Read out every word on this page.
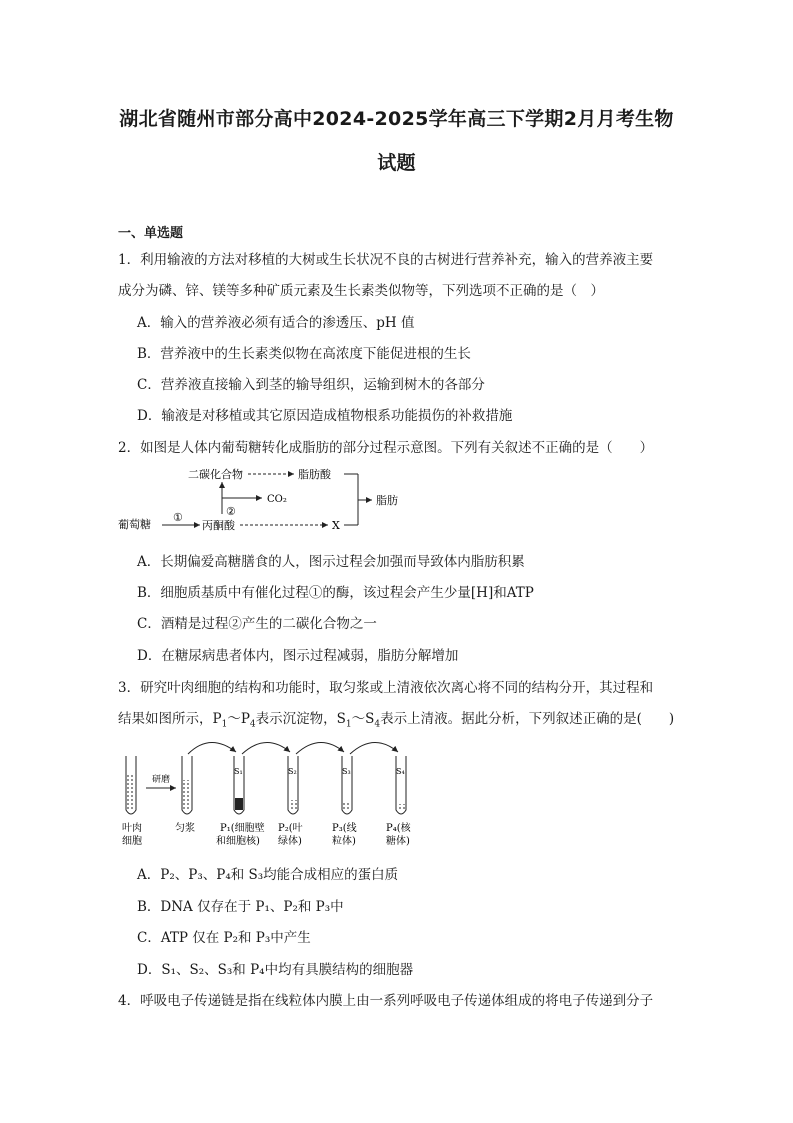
湖北省随州市部分高中2024-2025学年高三下学期2月月考生物
试题
一、单选题
1．利用输液的方法对移植的大树或生长状况不良的古树进行营养补充，输入的营养液主要
成分为磷、锌、镁等多种矿质元素及生长素类似物等，下列选项不正确的是（　）
A．输入的营养液必须有适合的渗透压、pH 值
B．营养液中的生长素类似物在高浓度下能促进根的生长
C．营养液直接输入到茎的输导组织，运输到树木的各部分
D．输液是对移植或其它原因造成植物根系功能损伤的补救措施
2．如图是人体内葡萄糖转化成脂肪的部分过程示意图。下列有关叙述不正确的是（　　）
二碳化合物	脂肪酸
脂肪
CO₂
②
葡萄糖
①
丙酮酸	X
A．长期偏爱高糖膳食的人，图示过程会加强而导致体内脂肪积累
B．细胞质基质中有催化过程①的酶，该过程会产生少量[H]和ATP
C．酒精是过程②产生的二碳化合物之一
D．在糖尿病患者体内，图示过程减弱，脂肪分解增加
3．研究叶肉细胞的结构和功能时，取匀浆或上清液依次离心将不同的结构分开，其过程和
结果如图所示，$P_1\sim P_4$表示沉淀物，$S_1\sim S_4$表示上清液。据此分析，下列叙述正确的是(　　)
叶肉
细胞
研磨
匀浆
S₁
P₁(细胞壁
和细胞核)
S₂
P₂(叶
绿体)
S₃
P₃(线
粒体)
S₄
P₄(核
糖体)
A．P₂、P₃、P₄和 S₃均能合成相应的蛋白质
B．DNA 仅存在于 P₁、P₂和 P₃中
C．ATP 仅在 P₂和 P₃中产生
D．S₁、S₂、S₃和 P₄中均有具膜结构的细胞器
4．呼吸电子传递链是指在线粒体内膜上由一系列呼吸电子传递体组成的将电子传递到分子
